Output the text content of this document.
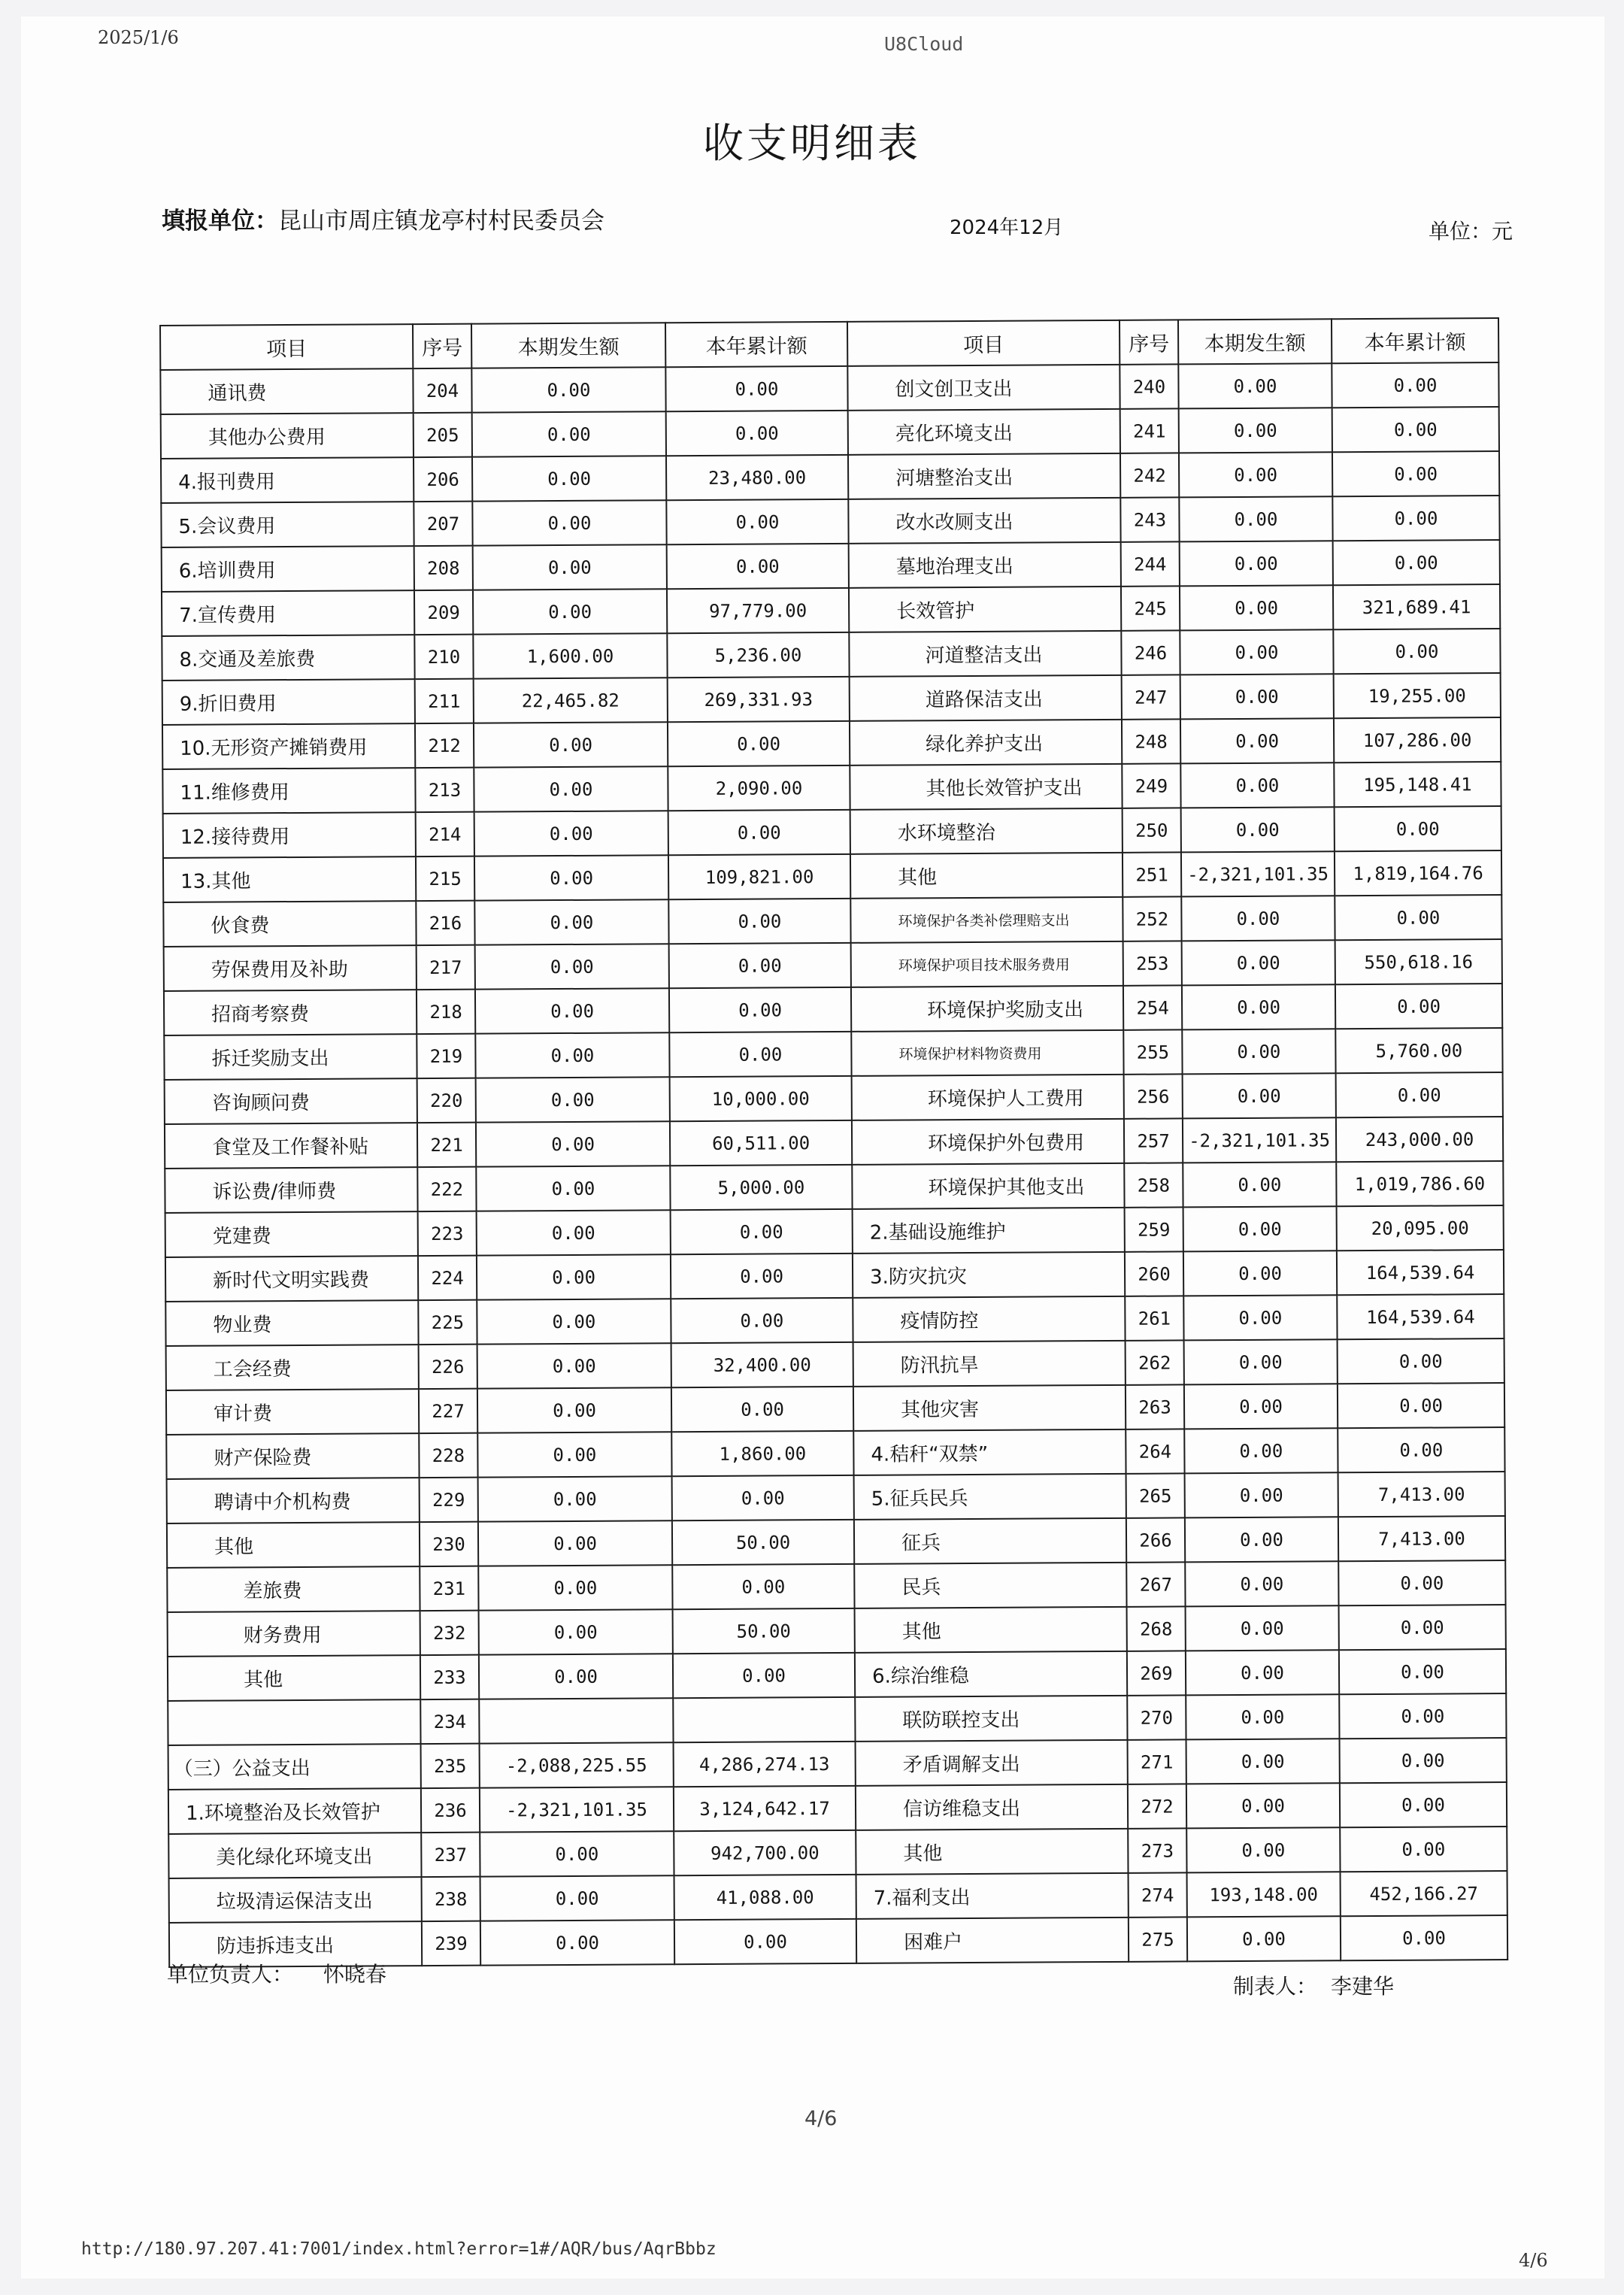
2025/1/6	U8Cloud
收支明细表
填报单位：昆山市周庄镇龙亭村村民委员会	2024年12月	单位：元
项目	序号	本期发生额	本年累计额	项目	序号	本期发生额	本年累计额
通讯费	204	0.00	0.00	创文创卫支出	240	0.00	0.00
其他办公费用	205	0.00	0.00	亮化环境支出	241	0.00	0.00
4.报刊费用	206	0.00	23,480.00	河塘整治支出	242	0.00	0.00
5.会议费用	207	0.00	0.00	改水改厕支出	243	0.00	0.00
6.培训费用	208	0.00	0.00	墓地治理支出	244	0.00	0.00
7.宣传费用	209	0.00	97,779.00	长效管护	245	0.00	321,689.41
8.交通及差旅费	210	1,600.00	5,236.00	河道整洁支出	246	0.00	0.00
9.折旧费用	211	22,465.82	269,331.93	道路保洁支出	247	0.00	19,255.00
10.无形资产摊销费用	212	0.00	0.00	绿化养护支出	248	0.00	107,286.00
11.维修费用	213	0.00	2,090.00	其他长效管护支出	249	0.00	195,148.41
12.接待费用	214	0.00	0.00	水环境整治	250	0.00	0.00
13.其他	215	0.00	109,821.00	其他	251	-2,321,101.35	1,819,164.76
伙食费	216	0.00	0.00	环境保护各类补偿理赔支出	252	0.00	0.00
劳保费用及补助	217	0.00	0.00	环境保护项目技术服务费用	253	0.00	550,618.16
招商考察费	218	0.00	0.00	环境保护奖励支出	254	0.00	0.00
拆迁奖励支出	219	0.00	0.00	环境保护材料物资费用	255	0.00	5,760.00
咨询顾问费	220	0.00	10,000.00	环境保护人工费用	256	0.00	0.00
食堂及工作餐补贴	221	0.00	60,511.00	环境保护外包费用	257	-2,321,101.35	243,000.00
诉讼费/律师费	222	0.00	5,000.00	环境保护其他支出	258	0.00	1,019,786.60
党建费	223	0.00	0.00	2.基础设施维护	259	0.00	20,095.00
新时代文明实践费	224	0.00	0.00	3.防灾抗灾	260	0.00	164,539.64
物业费	225	0.00	0.00	疫情防控	261	0.00	164,539.64
工会经费	226	0.00	32,400.00	防汛抗旱	262	0.00	0.00
审计费	227	0.00	0.00	其他灾害	263	0.00	0.00
财产保险费	228	0.00	1,860.00	4.秸秆“双禁”	264	0.00	0.00
聘请中介机构费	229	0.00	0.00	5.征兵民兵	265	0.00	7,413.00
其他	230	0.00	50.00	征兵	266	0.00	7,413.00
差旅费	231	0.00	0.00	民兵	267	0.00	0.00
财务费用	232	0.00	50.00	其他	268	0.00	0.00
其他	233	0.00	0.00	6.综治维稳	269	0.00	0.00
	234			联防联控支出	270	0.00	0.00
（三）公益支出	235	-2,088,225.55	4,286,274.13	矛盾调解支出	271	0.00	0.00
1.环境整治及长效管护	236	-2,321,101.35	3,124,642.17	信访维稳支出	272	0.00	0.00
美化绿化环境支出	237	0.00	942,700.00	其他	273	0.00	0.00
垃圾清运保洁支出	238	0.00	41,088.00	7.福利支出	274	193,148.00	452,166.27
防违拆违支出	239	0.00	0.00	困难户	275	0.00	0.00
单位负责人： 怀晓春	制表人： 李建华
4/6
http://180.97.207.41:7001/index.html?error=1#/AQR/bus/AqrBbbz
4/6
